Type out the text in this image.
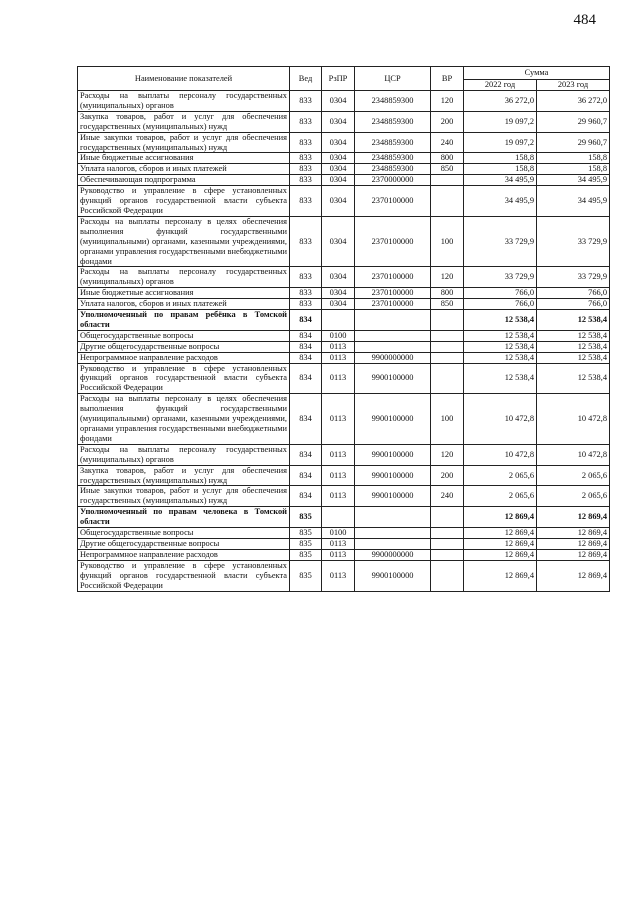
484
Наименование показателей	Вед	РзПР	ЦСР	ВР	Сумма	
					2022 год	2023 год
Расходы на выплаты персоналу государственных (муниципальных) органов	833	0304	2348859300	120	36 272,0	36 272,0
Закупка товаров, работ и услуг для обеспечения государственных (муниципальных) нужд	833	0304	2348859300	200	19 097,2	29 960,7
Иные закупки товаров, работ и услуг для обеспечения государственных (муниципальных) нужд	833	0304	2348859300	240	19 097,2	29 960,7
Иные бюджетные ассигнования	833	0304	2348859300	800	158,8	158,8
Уплата налогов, сборов и иных платежей	833	0304	2348859300	850	158,8	158,8
Обеспечивающая подпрограмма	833	0304	2370000000		34 495,9	34 495,9
Руководство и управление в сфере установленных функций органов государственной власти субъекта Российской Федерации	833	0304	2370100000		34 495,9	34 495,9
Расходы на выплаты персоналу в целях обеспечения выполнения функций государственными (муниципальными) органами, казенными учреждениями, органами управления государственными внебюджетными фондами	833	0304	2370100000	100	33 729,9	33 729,9
Расходы на выплаты персоналу государственных (муниципальных) органов	833	0304	2370100000	120	33 729,9	33 729,9
Иные бюджетные ассигнования	833	0304	2370100000	800	766,0	766,0
Уплата налогов, сборов и иных платежей	833	0304	2370100000	850	766,0	766,0
Уполномоченный по правам ребёнка в Томской области	834				12 538,4	12 538,4
Общегосударственные вопросы	834	0100			12 538,4	12 538,4
Другие общегосударственные вопросы	834	0113			12 538,4	12 538,4
Непрограммное направление расходов	834	0113	9900000000		12 538,4	12 538,4
Руководство и управление в сфере установленных функций органов государственной власти субъекта Российской Федерации	834	0113	9900100000		12 538,4	12 538,4
Расходы на выплаты персоналу в целях обеспечения выполнения функций государственными (муниципальными) органами, казенными учреждениями, органами управления государственными внебюджетными фондами	834	0113	9900100000	100	10 472,8	10 472,8
Расходы на выплаты персоналу государственных (муниципальных) органов	834	0113	9900100000	120	10 472,8	10 472,8
Закупка товаров, работ и услуг для обеспечения государственных (муниципальных) нужд	834	0113	9900100000	200	2 065,6	2 065,6
Иные закупки товаров, работ и услуг для обеспечения государственных (муниципальных) нужд	834	0113	9900100000	240	2 065,6	2 065,6
Уполномоченный по правам человека в Томской области	835				12 869,4	12 869,4
Общегосударственные вопросы	835	0100			12 869,4	12 869,4
Другие общегосударственные вопросы	835	0113			12 869,4	12 869,4
Непрограммное направление расходов	835	0113	9900000000		12 869,4	12 869,4
Руководство и управление в сфере установленных функций органов государственной власти субъекта Российской Федерации	835	0113	9900100000		12 869,4	12 869,4
